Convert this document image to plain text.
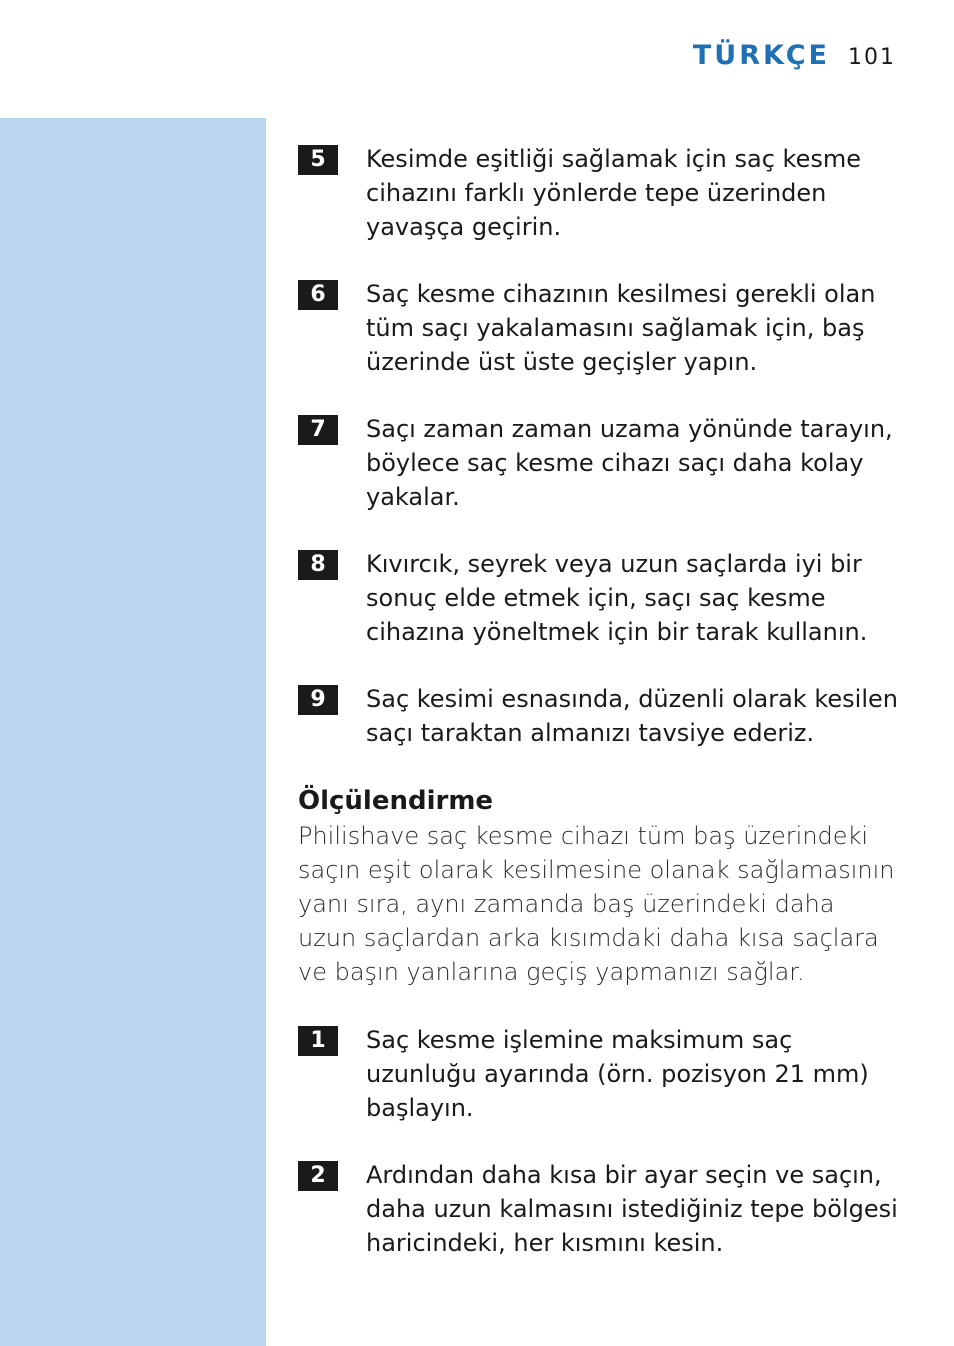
TÜRKÇE 101
5	Kesimde eşitliği sağlamak için saç kesme cihazını farklı yönlerde tepe üzerinden yavaşça geçirin.
6	Saç kesme cihazının kesilmesi gerekli olan tüm saçı yakalamasını sağlamak için, baş üzerinde üst üste geçişler yapın.
7	Saçı zaman zaman uzama yönünde tarayın, böylece saç kesme cihazı saçı daha kolay yakalar.
8	Kıvırcık, seyrek veya uzun saçlarda iyi bir sonuç elde etmek için, saçı saç kesme cihazına yöneltmek için bir tarak kullanın.
9	Saç kesimi esnasında, düzenli olarak kesilen saçı taraktan almanızı tavsiye ederiz.
Ölçülendirme

Philishave saç kesme cihazı tüm baş üzerindeki saçın eşit olarak kesilmesine olanak sağlamasının yanı sıra, aynı zamanda baş üzerindeki daha uzun saçlardan arka kısımdaki daha kısa saçlara ve başın yanlarına geçiş yapmanızı sağlar.

1	Saç kesme işlemine maksimum saç uzunluğu ayarında (örn. pozisyon 21 mm) başlayın.
2	Ardından daha kısa bir ayar seçin ve saçın, daha uzun kalmasını istediğiniz tepe bölgesi haricindeki, her kısmını kesin.
